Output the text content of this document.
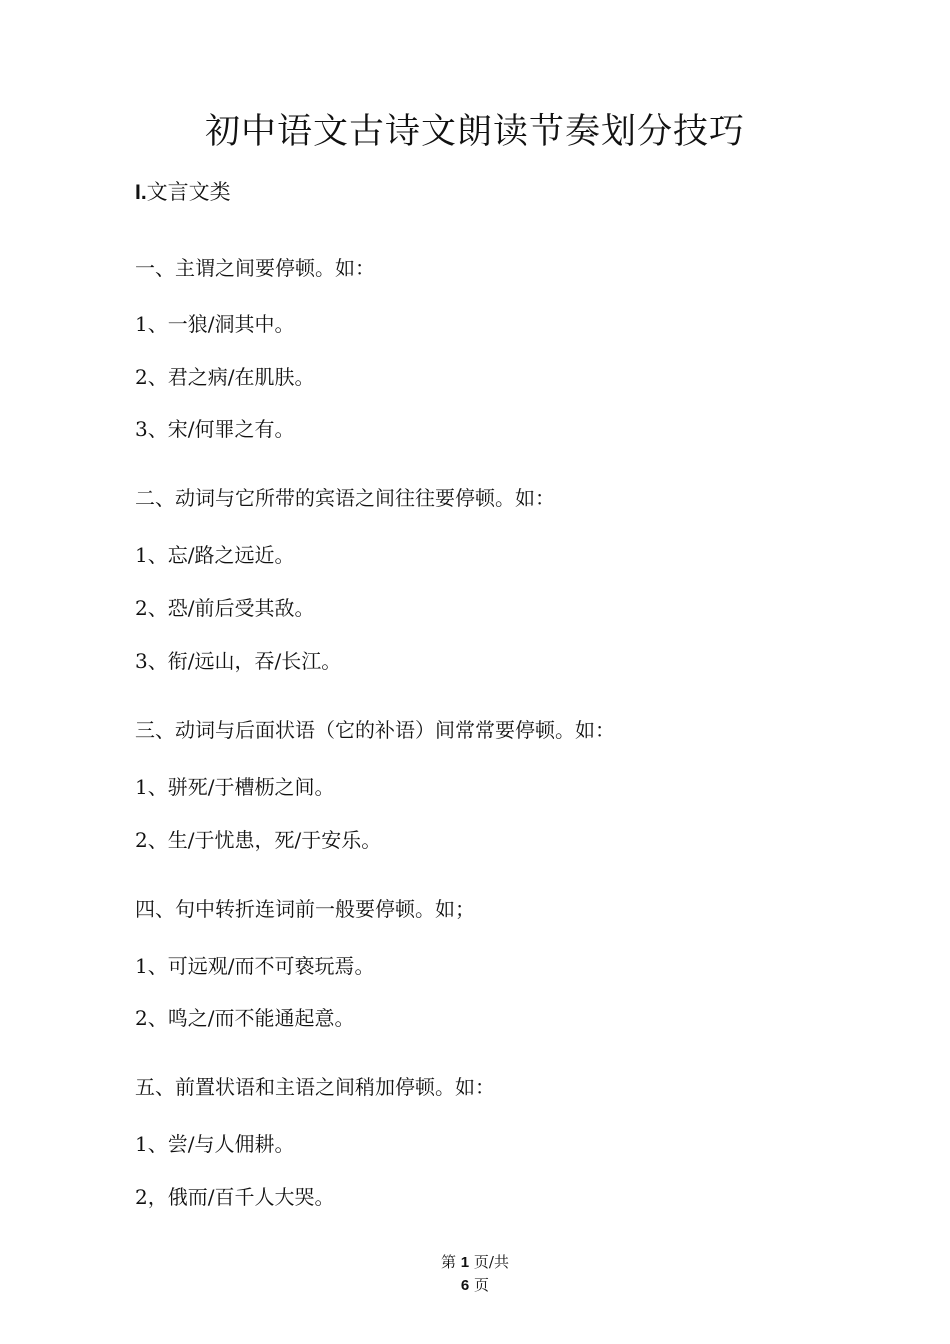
初中语文古诗文朗读节奏划分技巧
I.文言文类
一、主谓之间要停顿。如：
1、一狼/洞其中。
2、君之病/在肌肤。
3、宋/何罪之有。
二、动词与它所带的宾语之间往往要停顿。如：
1、忘/路之远近。
2、恐/前后受其敌。
3、衔/远山，吞/长江。
三、动词与后面状语（它的补语）间常常要停顿。如：
1、骈死/于槽枥之间。
2、生/于忧患，死/于安乐。
四、句中转折连词前一般要停顿。如；
1、可远观/而不可亵玩焉。
2、鸣之/而不能通起意。
五、前置状语和主语之间稍加停顿。如：
1、尝/与人佣耕。
2，俄而/百千人大哭。
第 1 页/共
6 页
